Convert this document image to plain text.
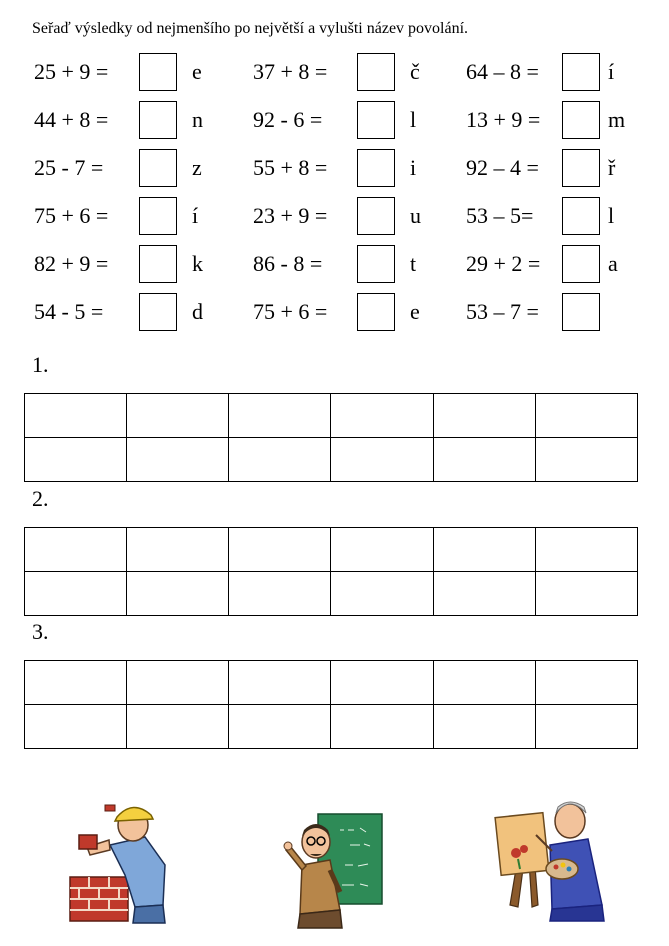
Seřaď výsledky od nejmenšího po největší a vylušti název povolání.
25 + 9 =	e 37 + 8 =	č 64 – 8 =	í
44 + 8 =	n 92 - 6 =	l 13 + 9 =	m
25 - 7 =	z 55 + 8 =	i 92 – 4 =	ř
75 + 6 =	í 23 + 9 =	u 53 – 5=	l
82 + 9 =	k 86 - 8 =	t 29 + 2 =	a
54 - 5 =	d 75 + 6 =	e 53 – 7 =
1.

2.

3.
